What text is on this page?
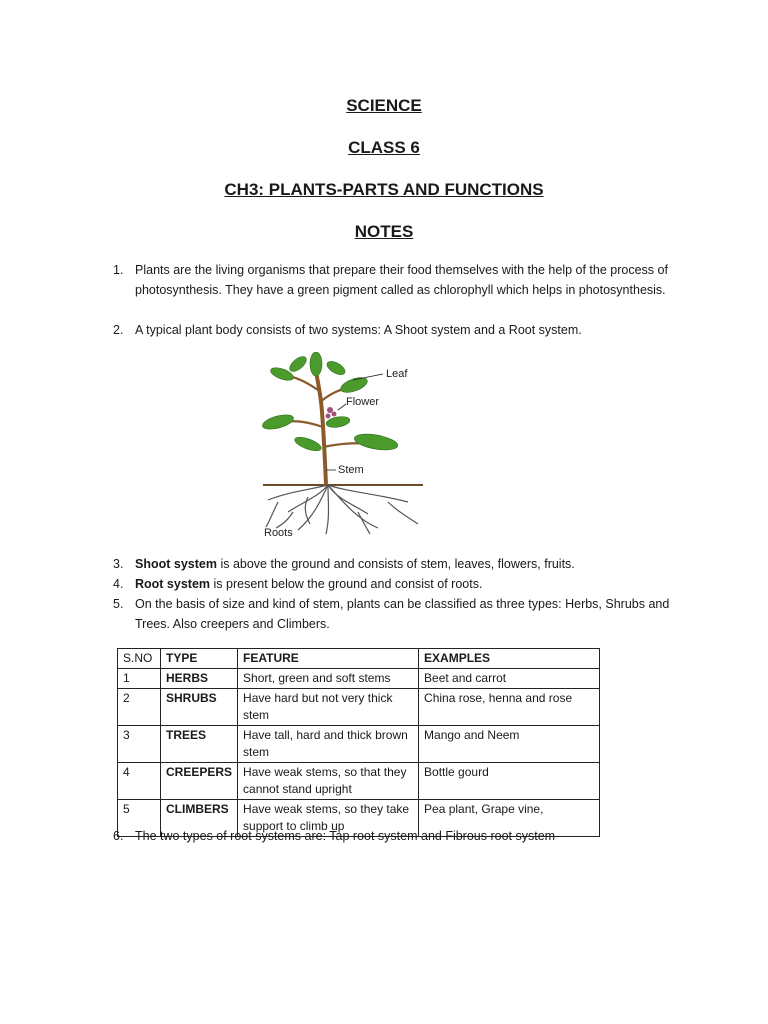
SCIENCE
CLASS 6
CH3: PLANTS-PARTS AND FUNCTIONS
NOTES
1. Plants are the living organisms that prepare their food themselves with the help of the process of photosynthesis. They have a green pigment called as chlorophyll which helps in photosynthesis.
2. A typical plant body consists of two systems: A Shoot system and a Root system.
Leaf
Flower
Stem
Roots
3. Shoot system is above the ground and consists of stem, leaves, flowers, fruits.
4. Root system is present below the ground and consist of roots.
5. On the basis of size and kind of stem, plants can be classified as three types: Herbs, Shrubs and Trees. Also creepers and Climbers.
S.NO	TYPE	FEATURE	EXAMPLES
1	HERBS	Short, green and soft stems	Beet and carrot
2	SHRUBS	Have hard but not very thick stem	China rose, henna and rose
3	TREES	Have tall, hard and thick brown stem	Mango and Neem
4	CREEPERS	Have weak stems, so that they cannot stand upright	Bottle gourd
5	CLIMBERS	Have weak stems, so they take support to climb up	Pea plant, Grape vine,
6. The two types of root systems are: Tap root system and Fibrous root system
